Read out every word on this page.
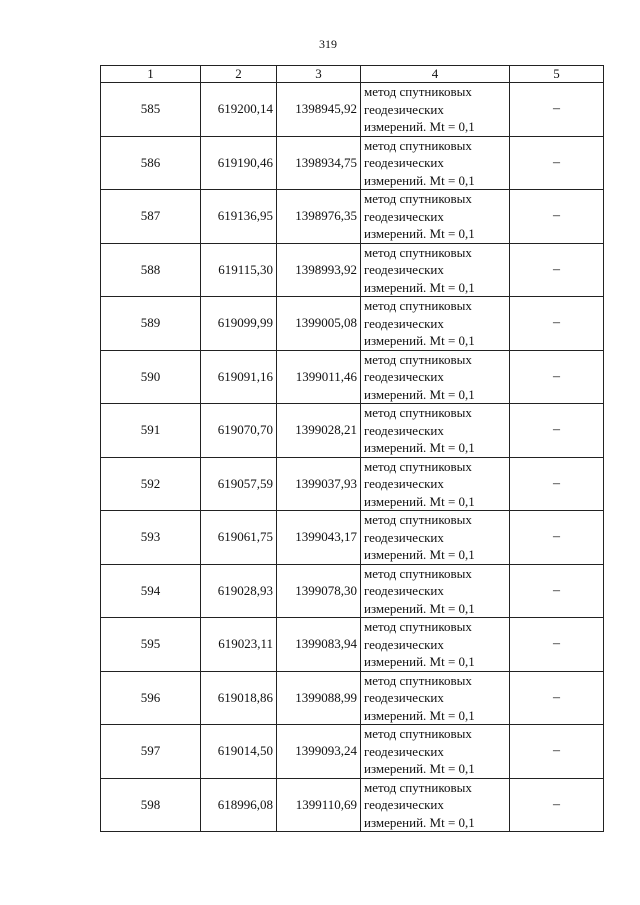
319
1	2	3	4	5
585	619200,14	1398945,92	метод спутниковых
геодезических
измерений. Mt = 0,1	–
586	619190,46	1398934,75	метод спутниковых
геодезических
измерений. Mt = 0,1	–
587	619136,95	1398976,35	метод спутниковых
геодезических
измерений. Mt = 0,1	–
588	619115,30	1398993,92	метод спутниковых
геодезических
измерений. Mt = 0,1	–
589	619099,99	1399005,08	метод спутниковых
геодезических
измерений. Mt = 0,1	–
590	619091,16	1399011,46	метод спутниковых
геодезических
измерений. Mt = 0,1	–
591	619070,70	1399028,21	метод спутниковых
геодезических
измерений. Mt = 0,1	–
592	619057,59	1399037,93	метод спутниковых
геодезических
измерений. Mt = 0,1	–
593	619061,75	1399043,17	метод спутниковых
геодезических
измерений. Mt = 0,1	–
594	619028,93	1399078,30	метод спутниковых
геодезических
измерений. Mt = 0,1	–
595	619023,11	1399083,94	метод спутниковых
геодезических
измерений. Mt = 0,1	–
596	619018,86	1399088,99	метод спутниковых
геодезических
измерений. Mt = 0,1	–
597	619014,50	1399093,24	метод спутниковых
геодезических
измерений. Mt = 0,1	–
598	618996,08	1399110,69	метод спутниковых
геодезических
измерений. Mt = 0,1	–
